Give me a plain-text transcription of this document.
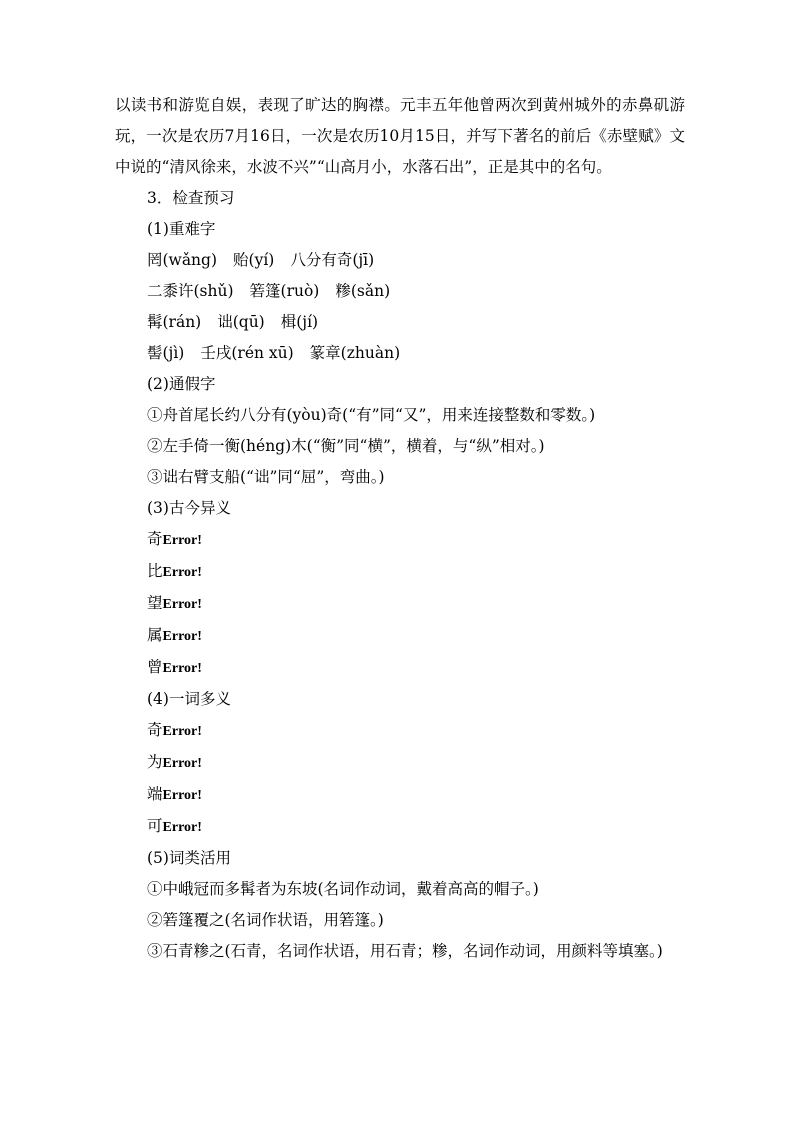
以读书和游览自娱，表现了旷达的胸襟。元丰五年他曾两次到黄州城外的赤鼻矶游玩，一次是农历7月16日，一次是农历10月15日，并写下著名的前后《赤壁赋》文中说的“清风徐来，水波不兴”“山高月小，水落石出”，正是其中的名句。

3．检查预习

(1)重难字

罔(wǎng) 贻(yí) 八分有奇(jī)

二黍许(shǔ) 箬篷(ruò) 糁(sǎn)

髯(rán) 诎(qū) 楫(jí)

髻(jì) 壬戌(rén xū) 篆章(zhuàn)

(2)通假字

①舟首尾长约八分有(yòu)奇(“有”同“又”，用来连接整数和零数。)

②左手倚一衡(héng)木(“衡”同“横”，横着，与“纵”相对。)

③诎右臂支船(“诎”同“屈”，弯曲。)

(3)古今异义

奇Error!

比Error!

望Error!

属Error!

曾Error!

(4)一词多义

奇Error!

为Error!

端Error!

可Error!

(5)词类活用

①中峨冠而多髯者为东坡(名词作动词，戴着高高的帽子。)

②箬篷覆之(名词作状语，用箬篷。)

③石青糁之(石青，名词作状语，用石青；糁，名词作动词，用颜料等填塞。)
